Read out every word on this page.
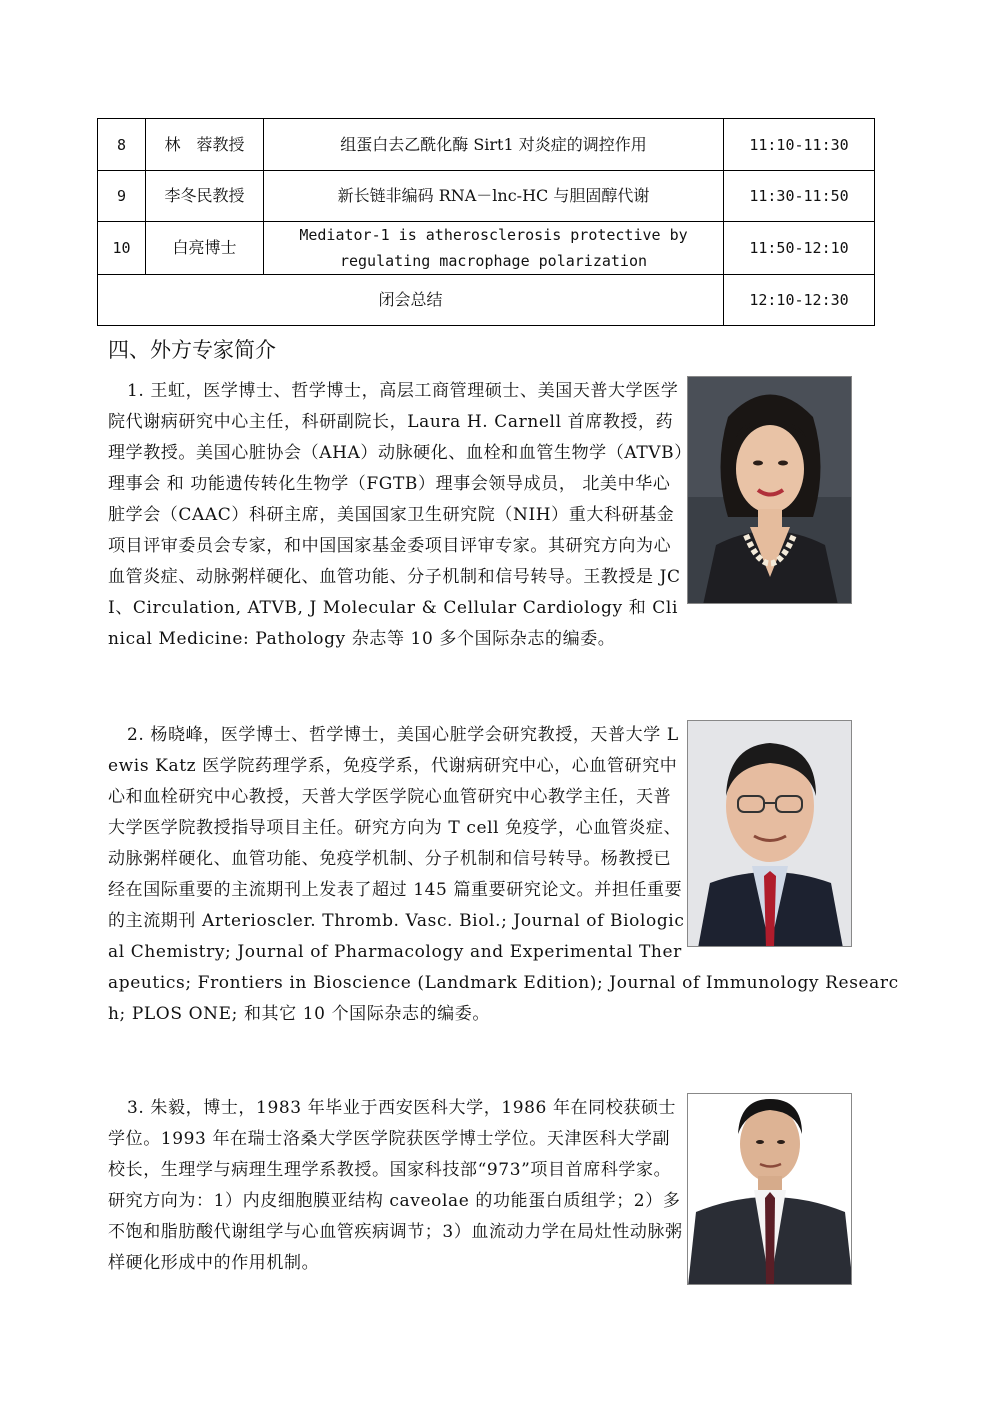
8	林　蓉教授	组蛋白去乙酰化酶 Sirt1 对炎症的调控作用	11:10-11:30
9	李冬民教授	新长链非编码 RNA－lnc-HC 与胆固醇代谢	11:30-11:50
10	白亮博士	Mediator-1 is atherosclerosis protective by regulating macrophage polarization	11:50-12:10
闭会总结			12:10-12:30
四、外方专家简介

1. 王虹，医学博士、哲学博士，高层工商管理硕士、美国天普大学医学院代谢病研究中心主任，科研副院长，Laura H. Carnell 首席教授，药理学教授。美国心脏协会（AHA）动脉硬化、血栓和血管生物学（ATVB）理事会 和 功能遗传转化生物学（FGTB）理事会领导成员， 北美中华心脏学会（CAAC）科研主席，美国国家卫生研究院（NIH）重大科研基金项目评审委员会专家，和中国国家基金委项目评审专家。其研究方向为心血管炎症、动脉粥样硬化、血管功能、分子机制和信号转导。王教授是 JCI、Circulation, ATVB, J Molecular & Cellular Cardiology 和 Clinical Medicine: Pathology 杂志等 10 多个国际杂志的编委。

2. 杨晓峰，医学博士、哲学博士，美国心脏学会研究教授，天普大学 Lewis Katz 医学院药理学系，免疫学系，代谢病研究中心，心血管研究中心和血栓研究中心教授，天普大学医学院心血管研究中心教学主任，天普大学医学院教授指导项目主任。研究方向为 T cell 免疫学，心血管炎症、动脉粥样硬化、血管功能、免疫学机制、分子机制和信号转导。杨教授已经在国际重要的主流期刊上发表了超过 145 篇重要研究论文。并担任重要的主流期刊 Arterioscler. Thromb. Vasc. Biol.; Journal of Biological Chemistry; Journal of Pharmacology and Experimental Therapeutics; Frontiers in Bioscience (Landmark Edition); Journal of Immunology Research; PLOS ONE; 和其它 10 个国际杂志的编委。

3. 朱毅，博士，1983 年毕业于西安医科大学，1986 年在同校获硕士学位。1993 年在瑞士洛桑大学医学院获医学博士学位。天津医科大学副校长，生理学与病理生理学系教授。国家科技部“973”项目首席科学家。研究方向为：1）内皮细胞膜亚结构 caveolae 的功能蛋白质组学；2）多不饱和脂肪酸代谢组学与心血管疾病调节；3）血流动力学在局灶性动脉粥样硬化形成中的作用机制。
